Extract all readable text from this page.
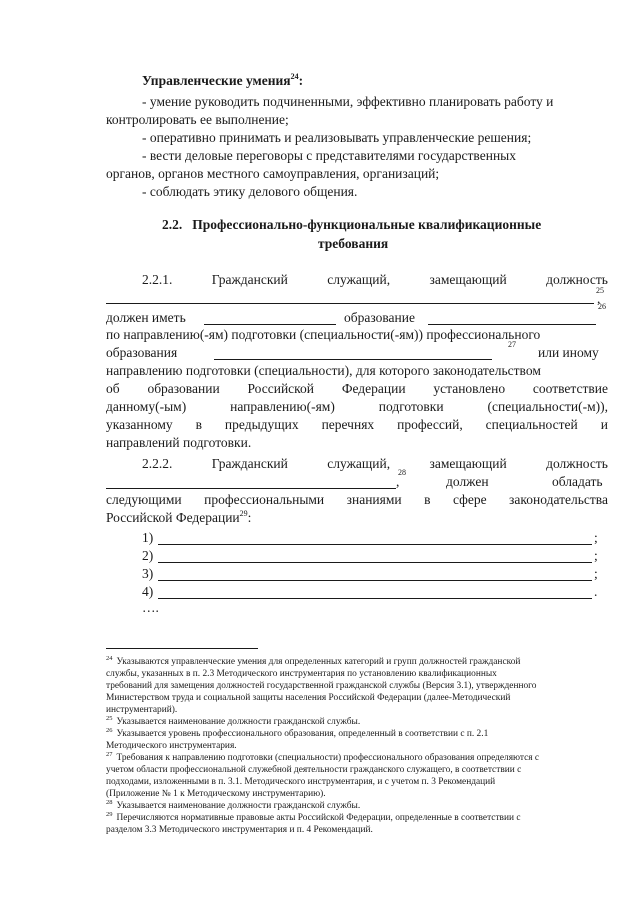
Управленческие умения$^{24}$:
- умение руководить подчиненными, эффективно планировать работу и
контролировать ее выполнение;
- оперативно принимать и реализовывать управленческие решения;
- вести деловые переговоры с представителями государственных
органов, органов местного самоуправления, организаций;
- соблюдать этику делового общения.
2.2. Профессионально-функциональные квалификационные
требования
2.2.1.	Гражданский	служащий,	замещающий	должность
25
,
26
должен иметь	образование
по направлению(-ям) подготовки (специальности(-ям)) профессионального
образования
27
или иному
направлению подготовки (специальности), для которого законодательством
об образовании Российской Федерации установлено соответствие
данному(-ым)	направлению(-ям)	подготовки	(специальности(-м)),
указанному в предыдущих перечнях профессий, специальностей и
направлений подготовки.
2.2.2.	Гражданский	служащий,	замещающий	должность
28
,	должен	обладать
следующими профессиональными знаниями в сфере законодательства
Российской Федерации$^{29}$:
1)	;
2)	;
3)	;
4)	.
….
$^{24}$ Указываются управленческие умения для определенных категорий и групп должностей гражданской
службы, указанных в п. 2.3 Методического инструментария по установлению квалификационных
требований для замещения должностей государственной гражданской службы (Версия 3.1), утвержденного
Министерством труда и социальной защиты населения Российской Федерации (далее-Методический
инструментарий).
$^{25}$ Указывается наименование должности гражданской службы.
$^{26}$ Указывается уровень профессионального образования, определенный в соответствии с п. 2.1
Методического инструментария.
$^{27}$ Требования к направлению подготовки (специальности) профессионального образования определяются с
учетом области профессиональной служебной деятельности гражданского служащего, в соответствии с
подходами, изложенными в п. 3.1. Методического инструментария, и с учетом п. 3 Рекомендаций
(Приложение № 1 к Методическому инструментарию).
$^{28}$ Указывается наименование должности гражданской службы.
$^{29}$ Перечисляются нормативные правовые акты Российской Федерации, определенные в соответствии с
разделом 3.3 Методического инструментария и п. 4 Рекомендаций.
